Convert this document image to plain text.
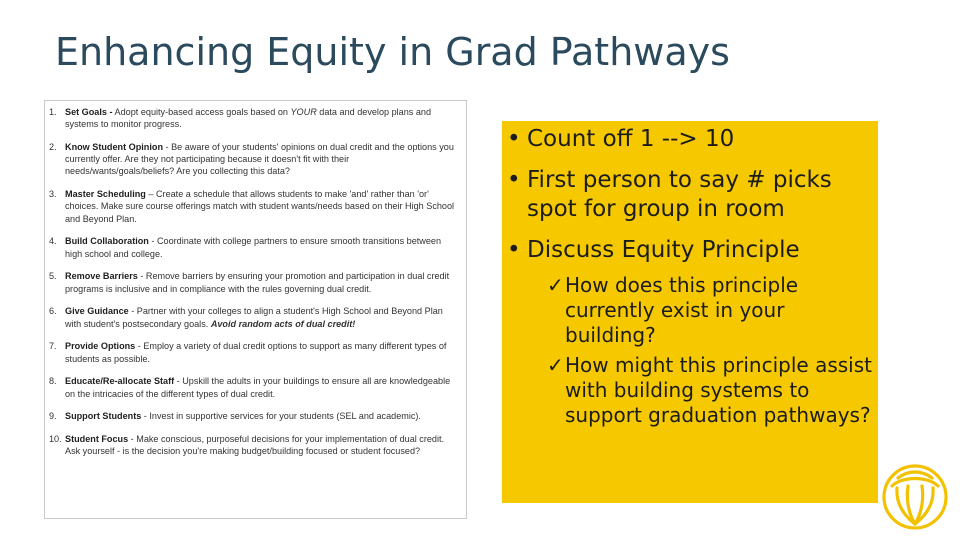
Enhancing Equity in Grad Pathways
1. Set Goals - Adopt equity-based access goals based on YOUR data and develop plans and systems to monitor progress.
2. Know Student Opinion - Be aware of your students' opinions on dual credit and the options you currently offer. Are they not participating because it doesn't fit with their needs/wants/goals/beliefs? Are you collecting this data?
3. Master Scheduling – Create a schedule that allows students to make 'and' rather than 'or' choices. Make sure course offerings match with student wants/needs based on their High School and Beyond Plan.
4. Build Collaboration - Coordinate with college partners to ensure smooth transitions between high school and college.
5. Remove Barriers - Remove barriers by ensuring your promotion and participation in dual credit programs is inclusive and in compliance with the rules governing dual credit.
6. Give Guidance - Partner with your colleges to align a student's High School and Beyond Plan with student's postsecondary goals. Avoid random acts of dual credit!
7. Provide Options - Employ a variety of dual credit options to support as many different types of students as possible.
8. Educate/Re-allocate Staff - Upskill the adults in your buildings to ensure all are knowledgeable on the intricacies of the different types of dual credit.
9. Support Students - Invest in supportive services for your students (SEL and academic).
10. Student Focus - Make conscious, purposeful decisions for your implementation of dual credit. Ask yourself - is the decision you're making budget/building focused or student focused?
• Count off 1 --> 10
• First person to say # picks spot for group in room
• Discuss Equity Principle
✓ How does this principle currently exist in your building?
✓ How might this principle assist with building systems to support graduation pathways?
